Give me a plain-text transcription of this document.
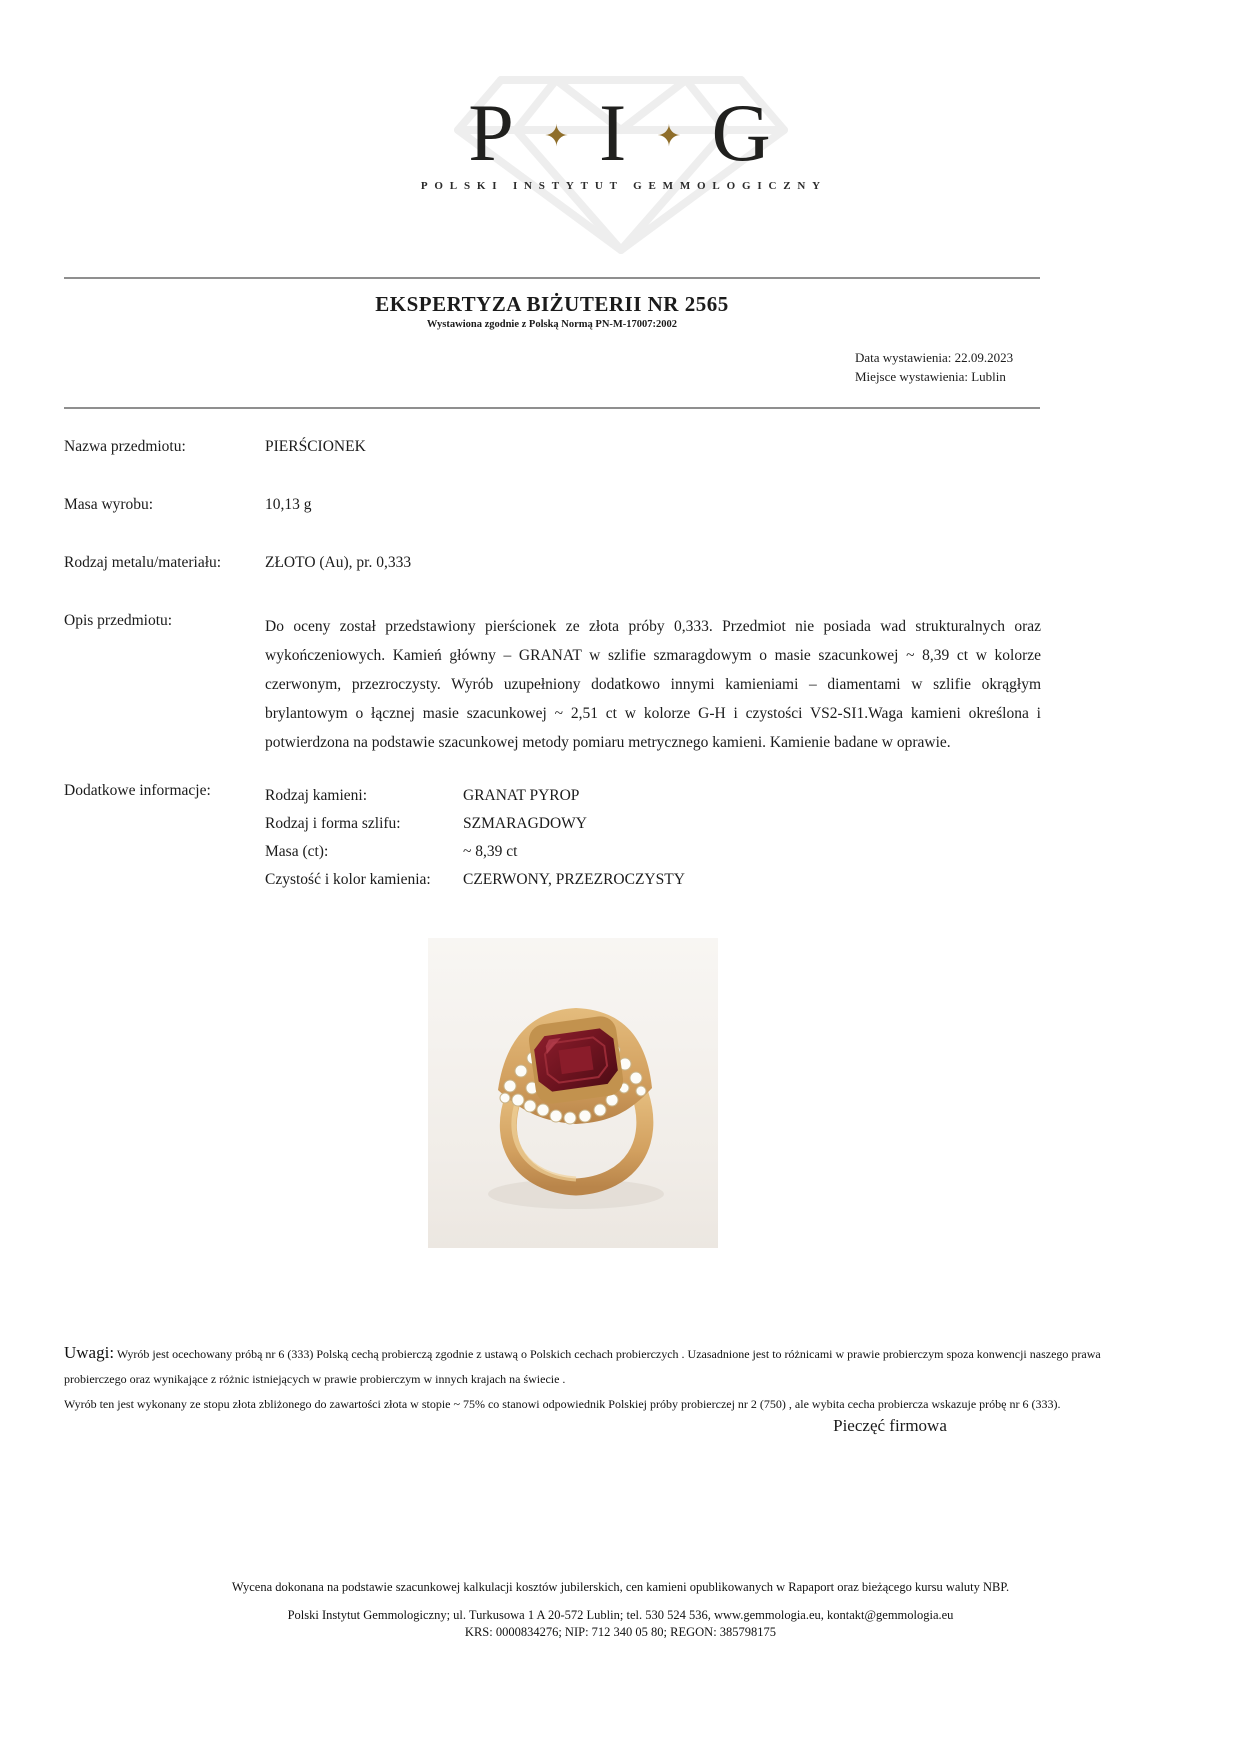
P ✦ I ✦ G
POLSKI INSTYTUT GEMMOLOGICZNY
EKSPERTYZA BIŻUTERII NR 2565
Wystawiona zgodnie z Polską Normą PN-M-17007:2002
Data wystawienia: 22.09.2023
Miejsce wystawienia: Lublin
Nazwa przedmiotu:	PIERŚCIONEK
Masa wyrobu:	10,13 g
Rodzaj metalu/materiału:	ZŁOTO (Au), pr. 0,333
Opis przedmiotu:	Do oceny został przedstawiony pierścionek ze złota próby 0,333. Przedmiot nie posiada wad strukturalnych oraz wykończeniowych. Kamień główny – GRANAT w szlifie szmaragdowym o masie szacunkowej ~ 8,39 ct w kolorze czerwonym, przezroczysty. Wyrób uzupełniony dodatkowo innymi kamieniami – diamentami w szlifie okrągłym brylantowym o łącznej masie szacunkowej ~ 2,51 ct w kolorze G-H i czystości VS2-SI1.Waga kamieni określona i potwierdzona na podstawie szacunkowej metody pomiaru metrycznego kamieni. Kamienie badane w oprawie.
Dodatkowe informacje:	Rodzaj kamieni:	GRANAT PYROP
Rodzaj i forma szlifu:	SZMARAGDOWY
Masa (ct):	~ 8,39 ct
Czystość i kolor kamienia:	CZERWONY, PRZEZROCZYSTY
Uwagi: Wyrób jest ocechowany próbą nr 6 (333) Polską cechą probierczą zgodnie z ustawą o Polskich cechach probierczych . Uzasadnione jest to różnicami w prawie probierczym spoza konwencji naszego prawa probierczego oraz wynikające z różnic istniejących w prawie probierczym w innych krajach na świecie .
Wyrób ten jest wykonany ze stopu złota zbliżonego do zawartości złota w stopie ~ 75% co stanowi odpowiednik Polskiej próby probierczej nr 2 (750) , ale wybita cecha probiercza wskazuje próbę nr 6 (333).
Pieczęć firmowa
Wycena dokonana na podstawie szacunkowej kalkulacji kosztów jubilerskich, cen kamieni opublikowanych w Rapaport oraz bieżącego kursu waluty NBP.
Polski Instytut Gemmologiczny; ul. Turkusowa 1 A 20-572 Lublin; tel. 530 524 536, www.gemmologia.eu, kontakt@gemmologia.eu
KRS: 0000834276; NIP: 712 340 05 80; REGON: 385798175
